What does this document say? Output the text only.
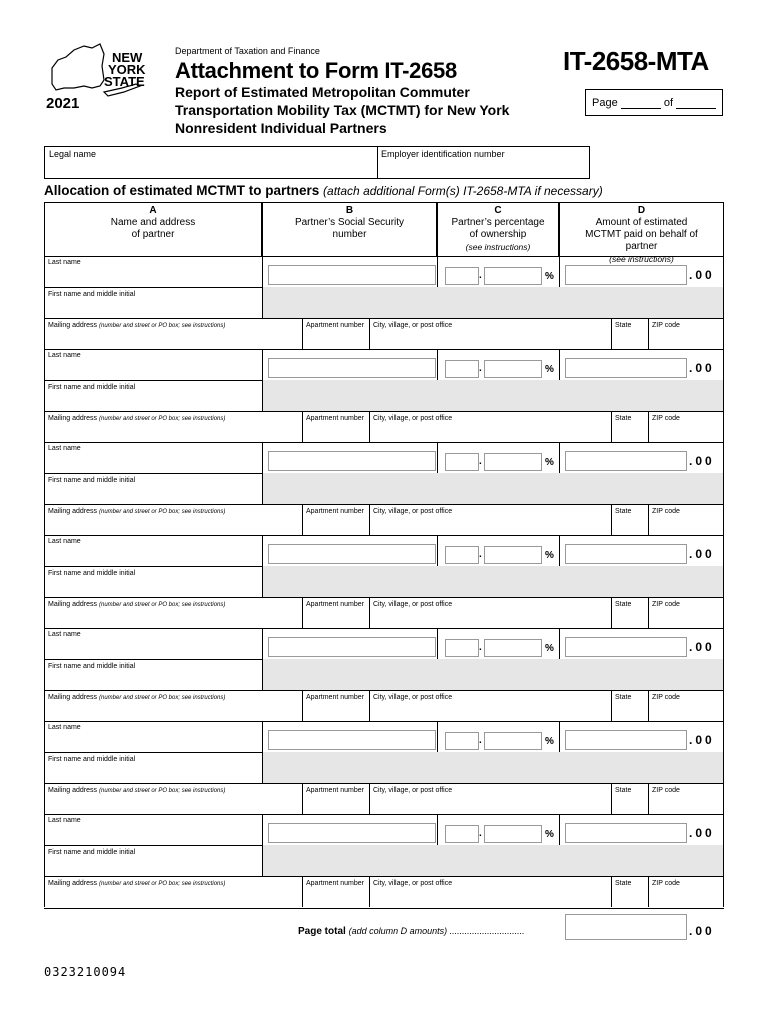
NEW
YORK
STATE
2021
Department of Taxation and Finance
Attachment to Form IT-2658
Report of Estimated Metropolitan Commuter Transportation Mobility Tax (MCTMT) for New York Nonresident Individual Partners
IT-2658-MTA
Page	of
Legal name	Employer identification number
Allocation of estimated MCTMT to partners (attach additional Form(s) IT-2658-MTA if necessary)
A
Name and address of partner
B
Partner’s Social Security number
C
Partner’s percentage of ownership
(see instructions)
D
Amount of estimated MCTMT paid on behalf of partner
(see instructions)
Last name
.	%	.00
First name and middle initial
Mailing address (number and street or PO box; see instructions)	Apartment number City, village, or post office	State	ZIP code
Last name
.	%	.00
First name and middle initial
Mailing address (number and street or PO box; see instructions)	Apartment number City, village, or post office	State	ZIP code
Last name
.	%	.00
First name and middle initial
Mailing address (number and street or PO box; see instructions)	Apartment number City, village, or post office	State	ZIP code
Last name
.	%	.00
First name and middle initial
Mailing address (number and street or PO box; see instructions)	Apartment number City, village, or post office	State	ZIP code
Last name
.	%	.00
First name and middle initial
Mailing address (number and street or PO box; see instructions)	Apartment number City, village, or post office	State	ZIP code
Last name
.	%	.00
First name and middle initial
Mailing address (number and street or PO box; see instructions)	Apartment number City, village, or post office	State	ZIP code
Last name
.	%	.00
First name and middle initial
Mailing address (number and street or PO box; see instructions)	Apartment number City, village, or post office	State	ZIP code
Page total (add column D amounts) ..............................	.00
0323210094
